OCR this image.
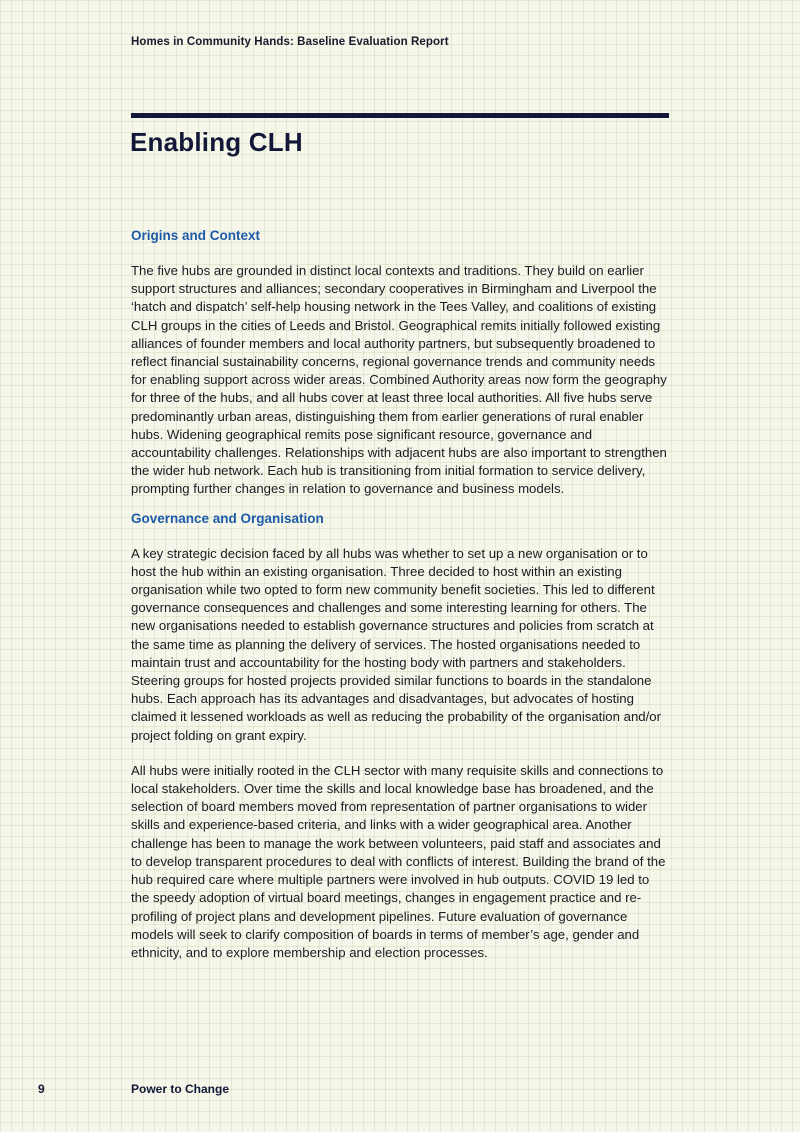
Homes in Community Hands: Baseline Evaluation Report
Enabling CLH
Origins and Context

The five hubs are grounded in distinct local contexts and traditions. They build on earlier support structures and alliances; secondary cooperatives in Birmingham and Liverpool the ‘hatch and dispatch’ self-help housing network in the Tees Valley, and coalitions of existing CLH groups in the cities of Leeds and Bristol. Geographical remits initially followed existing alliances of founder members and local authority partners, but subsequently broadened to reflect financial sustainability concerns, regional governance trends and community needs for enabling support across wider areas. Combined Authority areas now form the geography for three of the hubs, and all hubs cover at least three local authorities. All five hubs serve predominantly urban areas, distinguishing them from earlier generations of rural enabler hubs. Widening geographical remits pose significant resource, governance and accountability challenges. Relationships with adjacent hubs are also important to strengthen the wider hub network. Each hub is transitioning from initial formation to service delivery, prompting further changes in relation to governance and business models.

Governance and Organisation

A key strategic decision faced by all hubs was whether to set up a new organisation or to host the hub within an existing organisation. Three decided to host within an existing organisation while two opted to form new community benefit societies. This led to different governance consequences and challenges and some interesting learning for others. The new organisations needed to establish governance structures and policies from scratch at the same time as planning the delivery of services. The hosted organisations needed to maintain trust and accountability for the hosting body with partners and stakeholders. Steering groups for hosted projects provided similar functions to boards in the standalone hubs. Each approach has its advantages and disadvantages, but advocates of hosting claimed it lessened workloads as well as reducing the probability of the organisation and/or project folding on grant expiry.

All hubs were initially rooted in the CLH sector with many requisite skills and connections to local stakeholders. Over time the skills and local knowledge base has broadened, and the selection of board members moved from representation of partner organisations to wider skills and experience-based criteria, and links with a wider geographical area. Another challenge has been to manage the work between volunteers, paid staff and associates and to develop transparent procedures to deal with conflicts of interest. Building the brand of the hub required care where multiple partners were involved in hub outputs. COVID 19 led to the speedy adoption of virtual board meetings, changes in engagement practice and re-profiling of project plans and development pipelines. Future evaluation of governance models will seek to clarify composition of boards in terms of member’s age, gender and ethnicity, and to explore membership and election processes.

9	Power to Change
